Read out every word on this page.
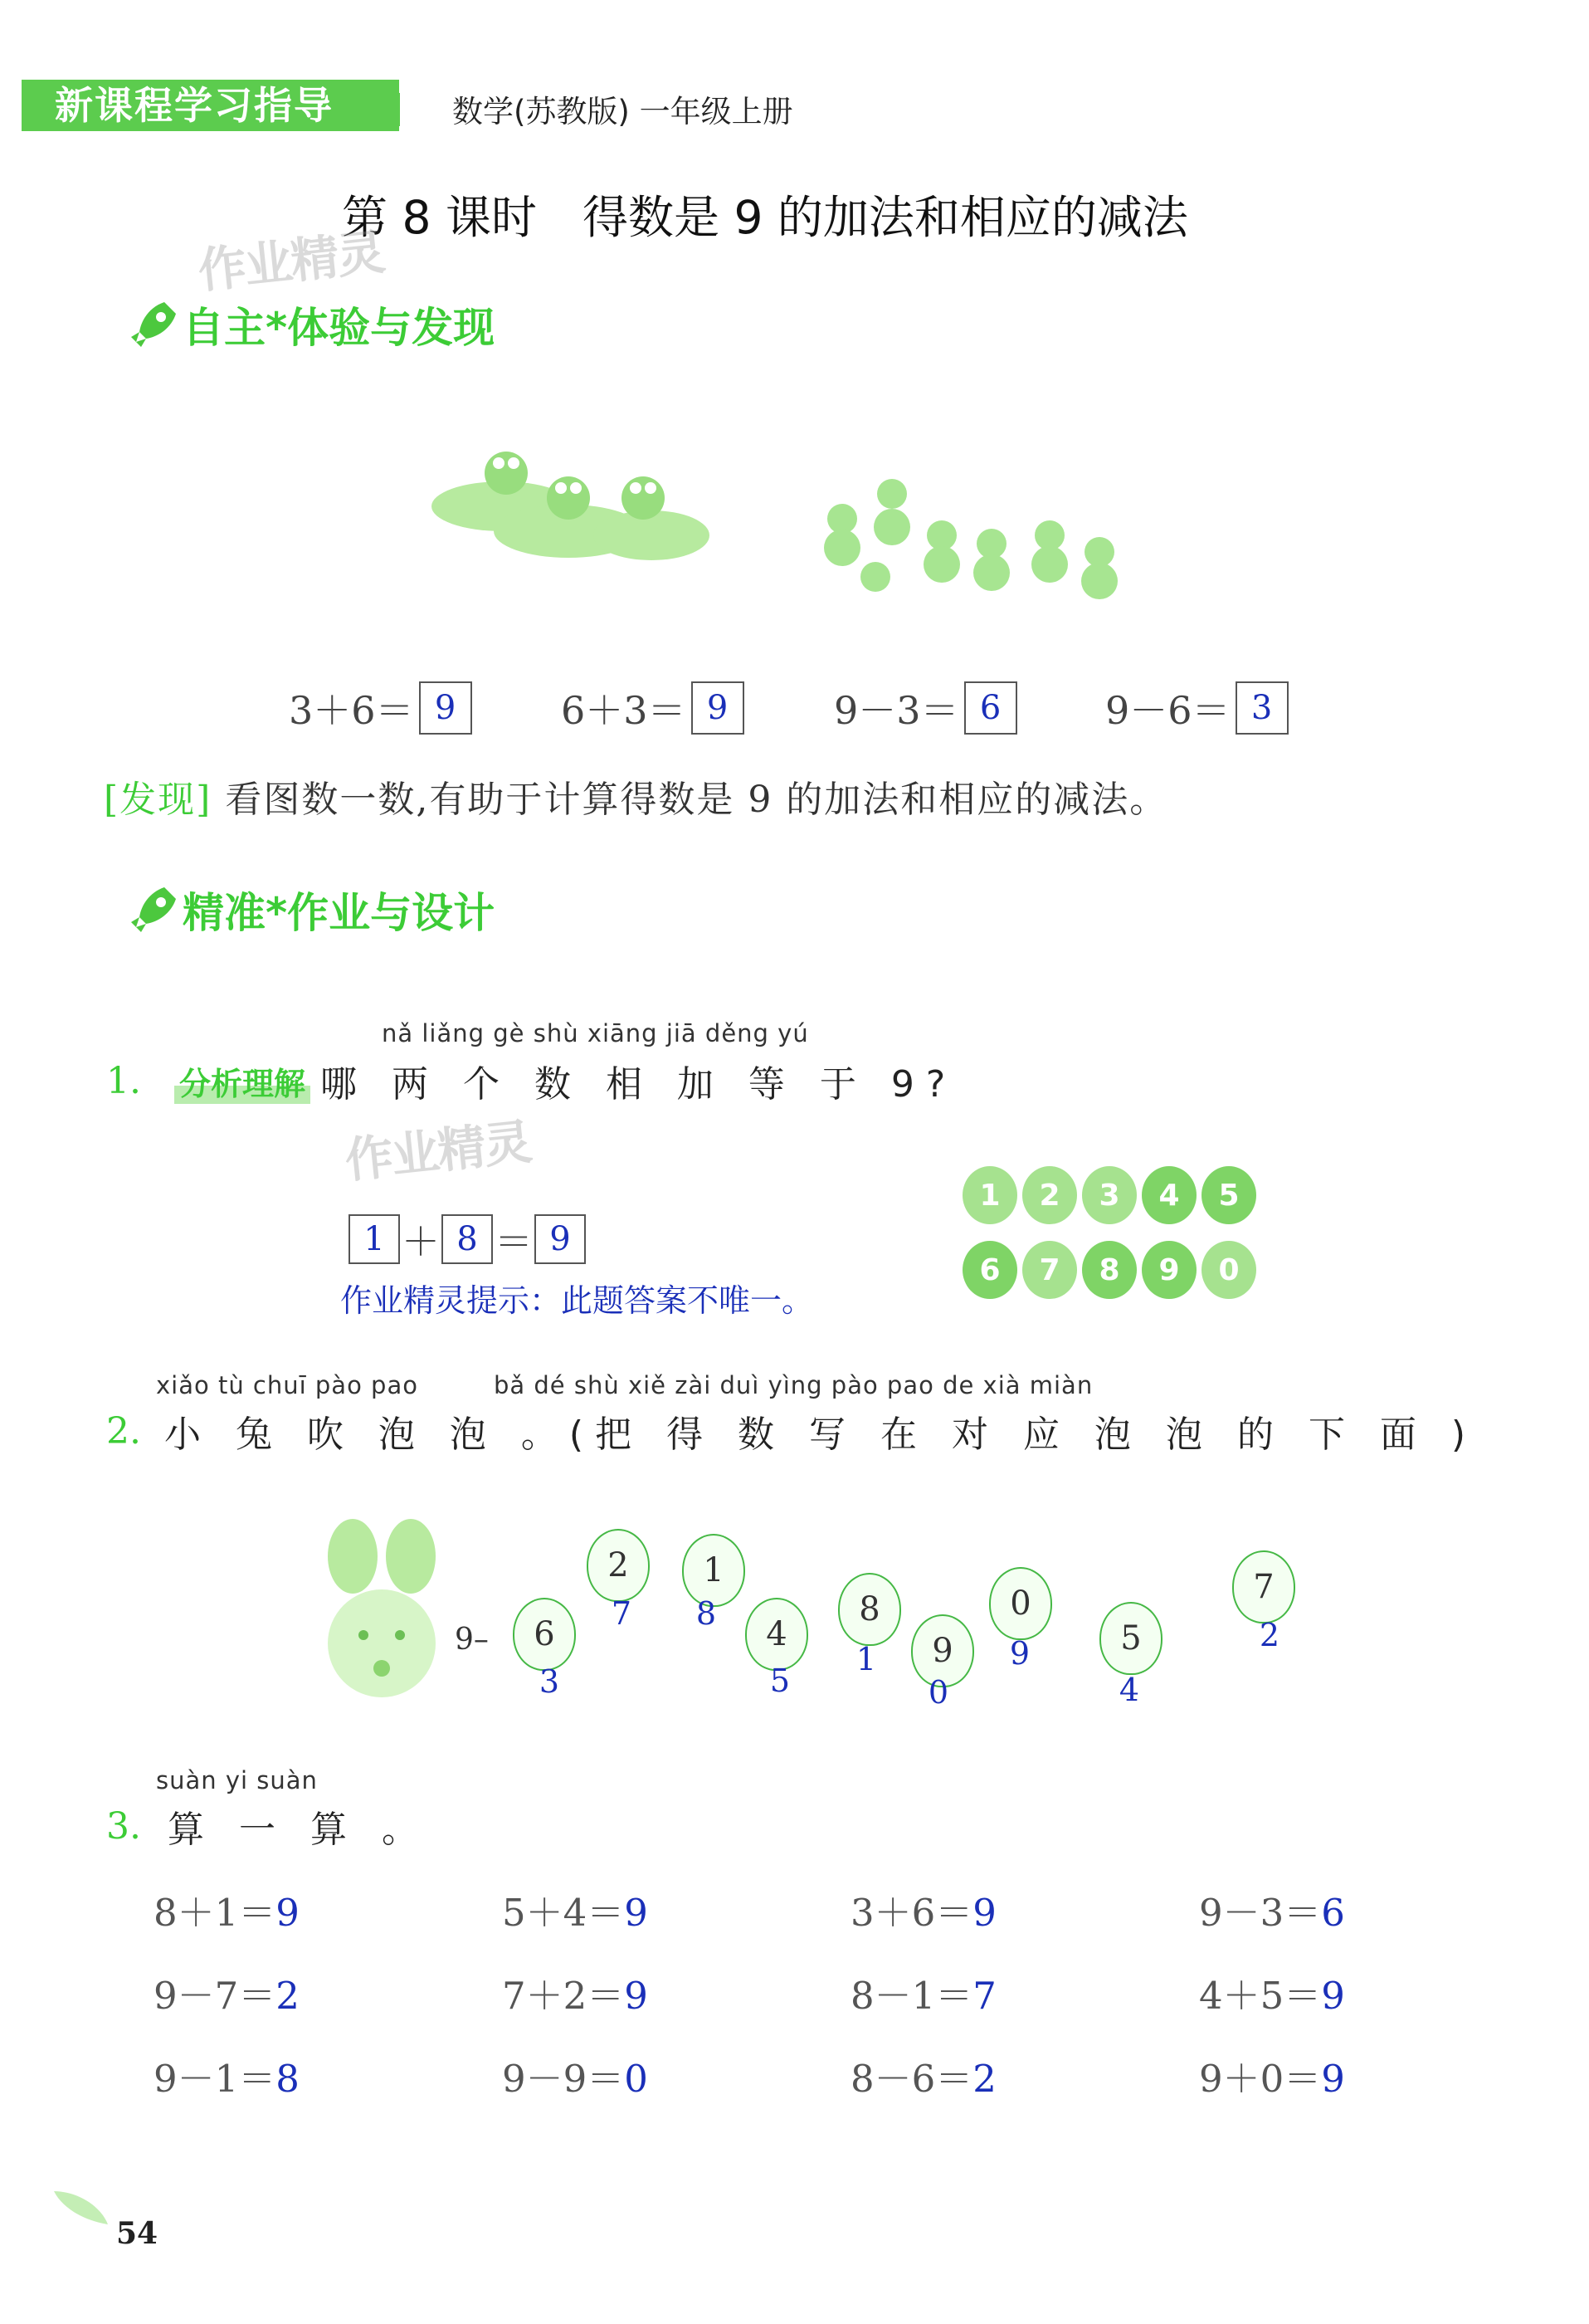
新课程学习指导	数学(苏教版) 一年级上册
第 8 课时　得数是 9 的加法和相应的减法
作业精灵
作业精灵
自主*体验与发现
3＋6＝ 9	6＋3＝ 9	9－3＝ 6	9－6＝ 3
[发现] 看图数一数,有助于计算得数是 9 的加法和相应的减法。
精准*作业与设计
nǎ liǎng gè shù xiāng jiā děng yú
1. 分析理解 哪 两 个 数 相 加 等 于 9?
1 ＋ 8 ＝ 9
作业精灵提示：此题答案不唯一。
1	2	3	4	5
6	7	8	9	0
xiǎo tù chuī pào pao	bǎ dé shù xiě zài duì yìng pào pao de xià miàn
2. 小 兔 吹 泡 泡 。(把 得 数 写 在 对 应 泡 泡 的 下 面 )
9–	6
3
2
7
1
8
4
5
8
1	9
0
0
9	5
4
7
2
suàn yi suàn
3. 算 一 算 。
8＋1＝9	5＋4＝9	3＋6＝9	9－3＝6
9－7＝2	7＋2＝9	8－1＝7	4＋5＝9
9－1＝8	9－9＝0	8－6＝2	9＋0＝9
54
